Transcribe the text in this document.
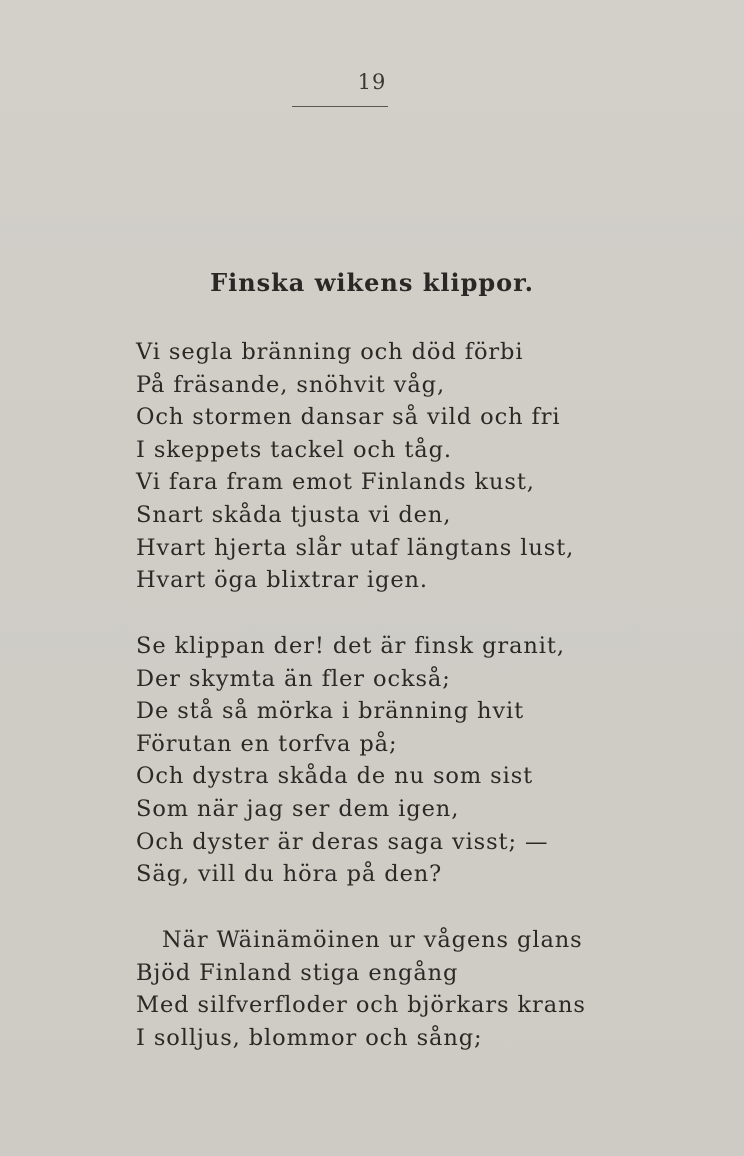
19
Finska wikens klippor.
Vi segla bränning och död förbi
På fräsande, snöhvit våg,
Och stormen dansar så vild och fri
I skeppets tackel och tåg.
Vi fara fram emot Finlands kust,
Snart skåda tjusta vi den,
Hvart hjerta slår utaf längtans lust,
Hvart öga blixtrar igen.
Se klippan der! det är finsk granit,
Der skymta än fler också;
De stå så mörka i bränning hvit
Förutan en torfva på;
Och dystra skåda de nu som sist
Som när jag ser dem igen,
Och dyster är deras saga visst; —
Säg, vill du höra på den?
När Wäinämöinen ur vågens glans
Bjöd Finland stiga engång
Med silfverfloder och björkars krans
I solljus, blommor och sång;
